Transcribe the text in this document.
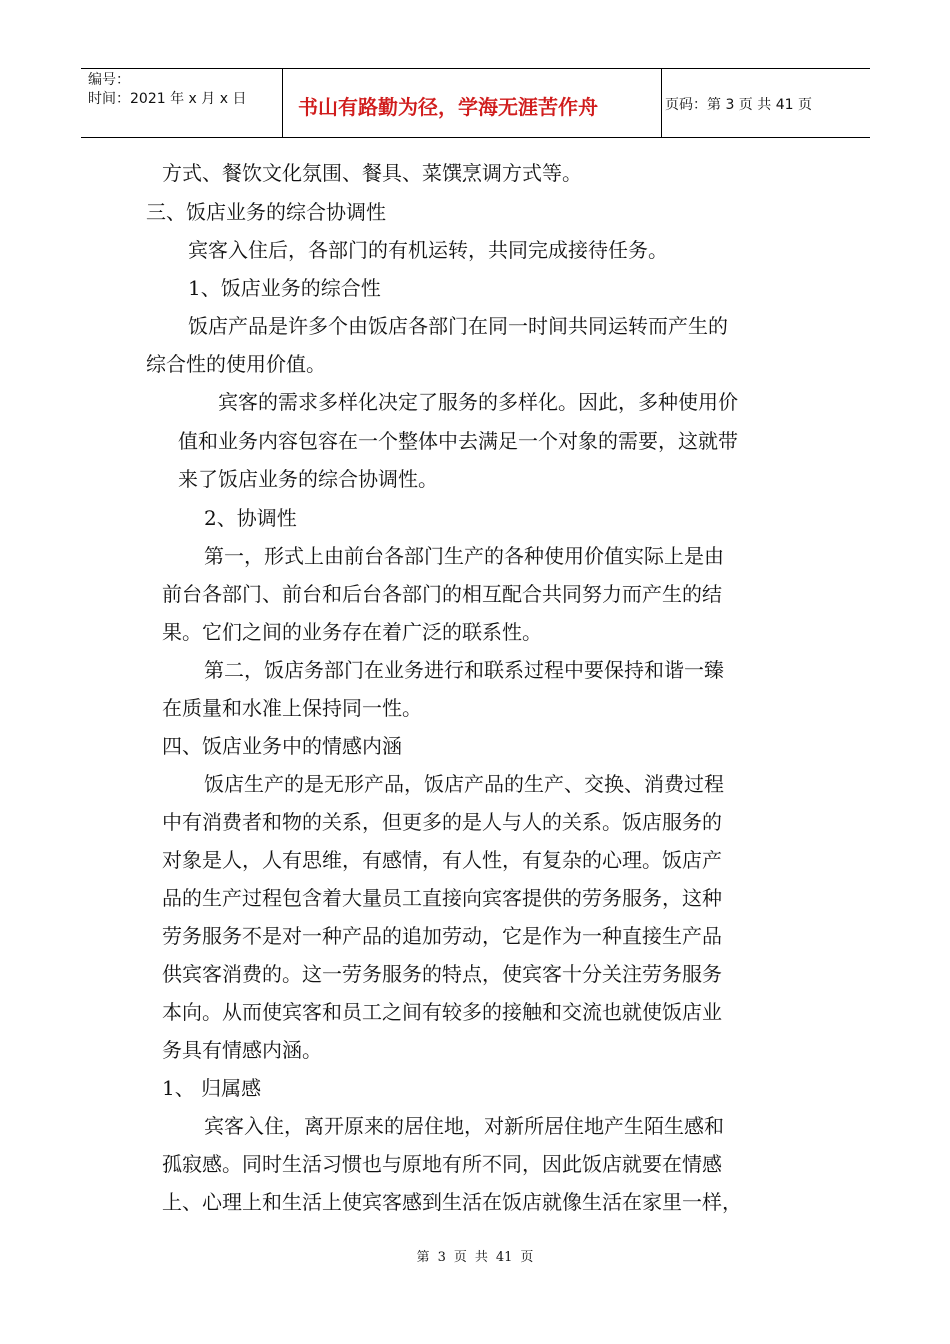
编号：
时间：2021 年 x 月 x 日	书山有路勤为径，学海无涯苦作舟	页码：第 3 页 共 41 页
方式、餐饮文化氛围、餐具、菜馔烹调方式等。
三、饭店业务的综合协调性
宾客入住后，各部门的有机运转，共同完成接待任务。
1、饭店业务的综合性
饭店产品是许多个由饭店各部门在同一时间共同运转而产生的
综合性的使用价值。
宾客的需求多样化决定了服务的多样化。因此，多种使用价
值和业务内容包容在一个整体中去满足一个对象的需要，这就带
来了饭店业务的综合协调性。
2、协调性
第一，形式上由前台各部门生产的各种使用价值实际上是由
前台各部门、前台和后台各部门的相互配合共同努力而产生的结
果。它们之间的业务存在着广泛的联系性。
第二，饭店务部门在业务进行和联系过程中要保持和谐一臻
在质量和水准上保持同一性。
四、饭店业务中的情感内涵
饭店生产的是无形产品，饭店产品的生产、交换、消费过程
中有消费者和物的关系，但更多的是人与人的关系。饭店服务的
对象是人，人有思维，有感情，有人性，有复杂的心理。饭店产
品的生产过程包含着大量员工直接向宾客提供的劳务服务，这种
劳务服务不是对一种产品的追加劳动，它是作为一种直接生产品
供宾客消费的。这一劳务服务的特点，使宾客十分关注劳务服务
本向。从而使宾客和员工之间有较多的接触和交流也就使饭店业
务具有情感内涵。
1、 归属感
宾客入住，离开原来的居住地，对新所居住地产生陌生感和
孤寂感。同时生活习惯也与原地有所不同，因此饭店就要在情感
上、心理上和生活上使宾客感到生活在饭店就像生活在家里一样，
第 3 页 共 41 页
